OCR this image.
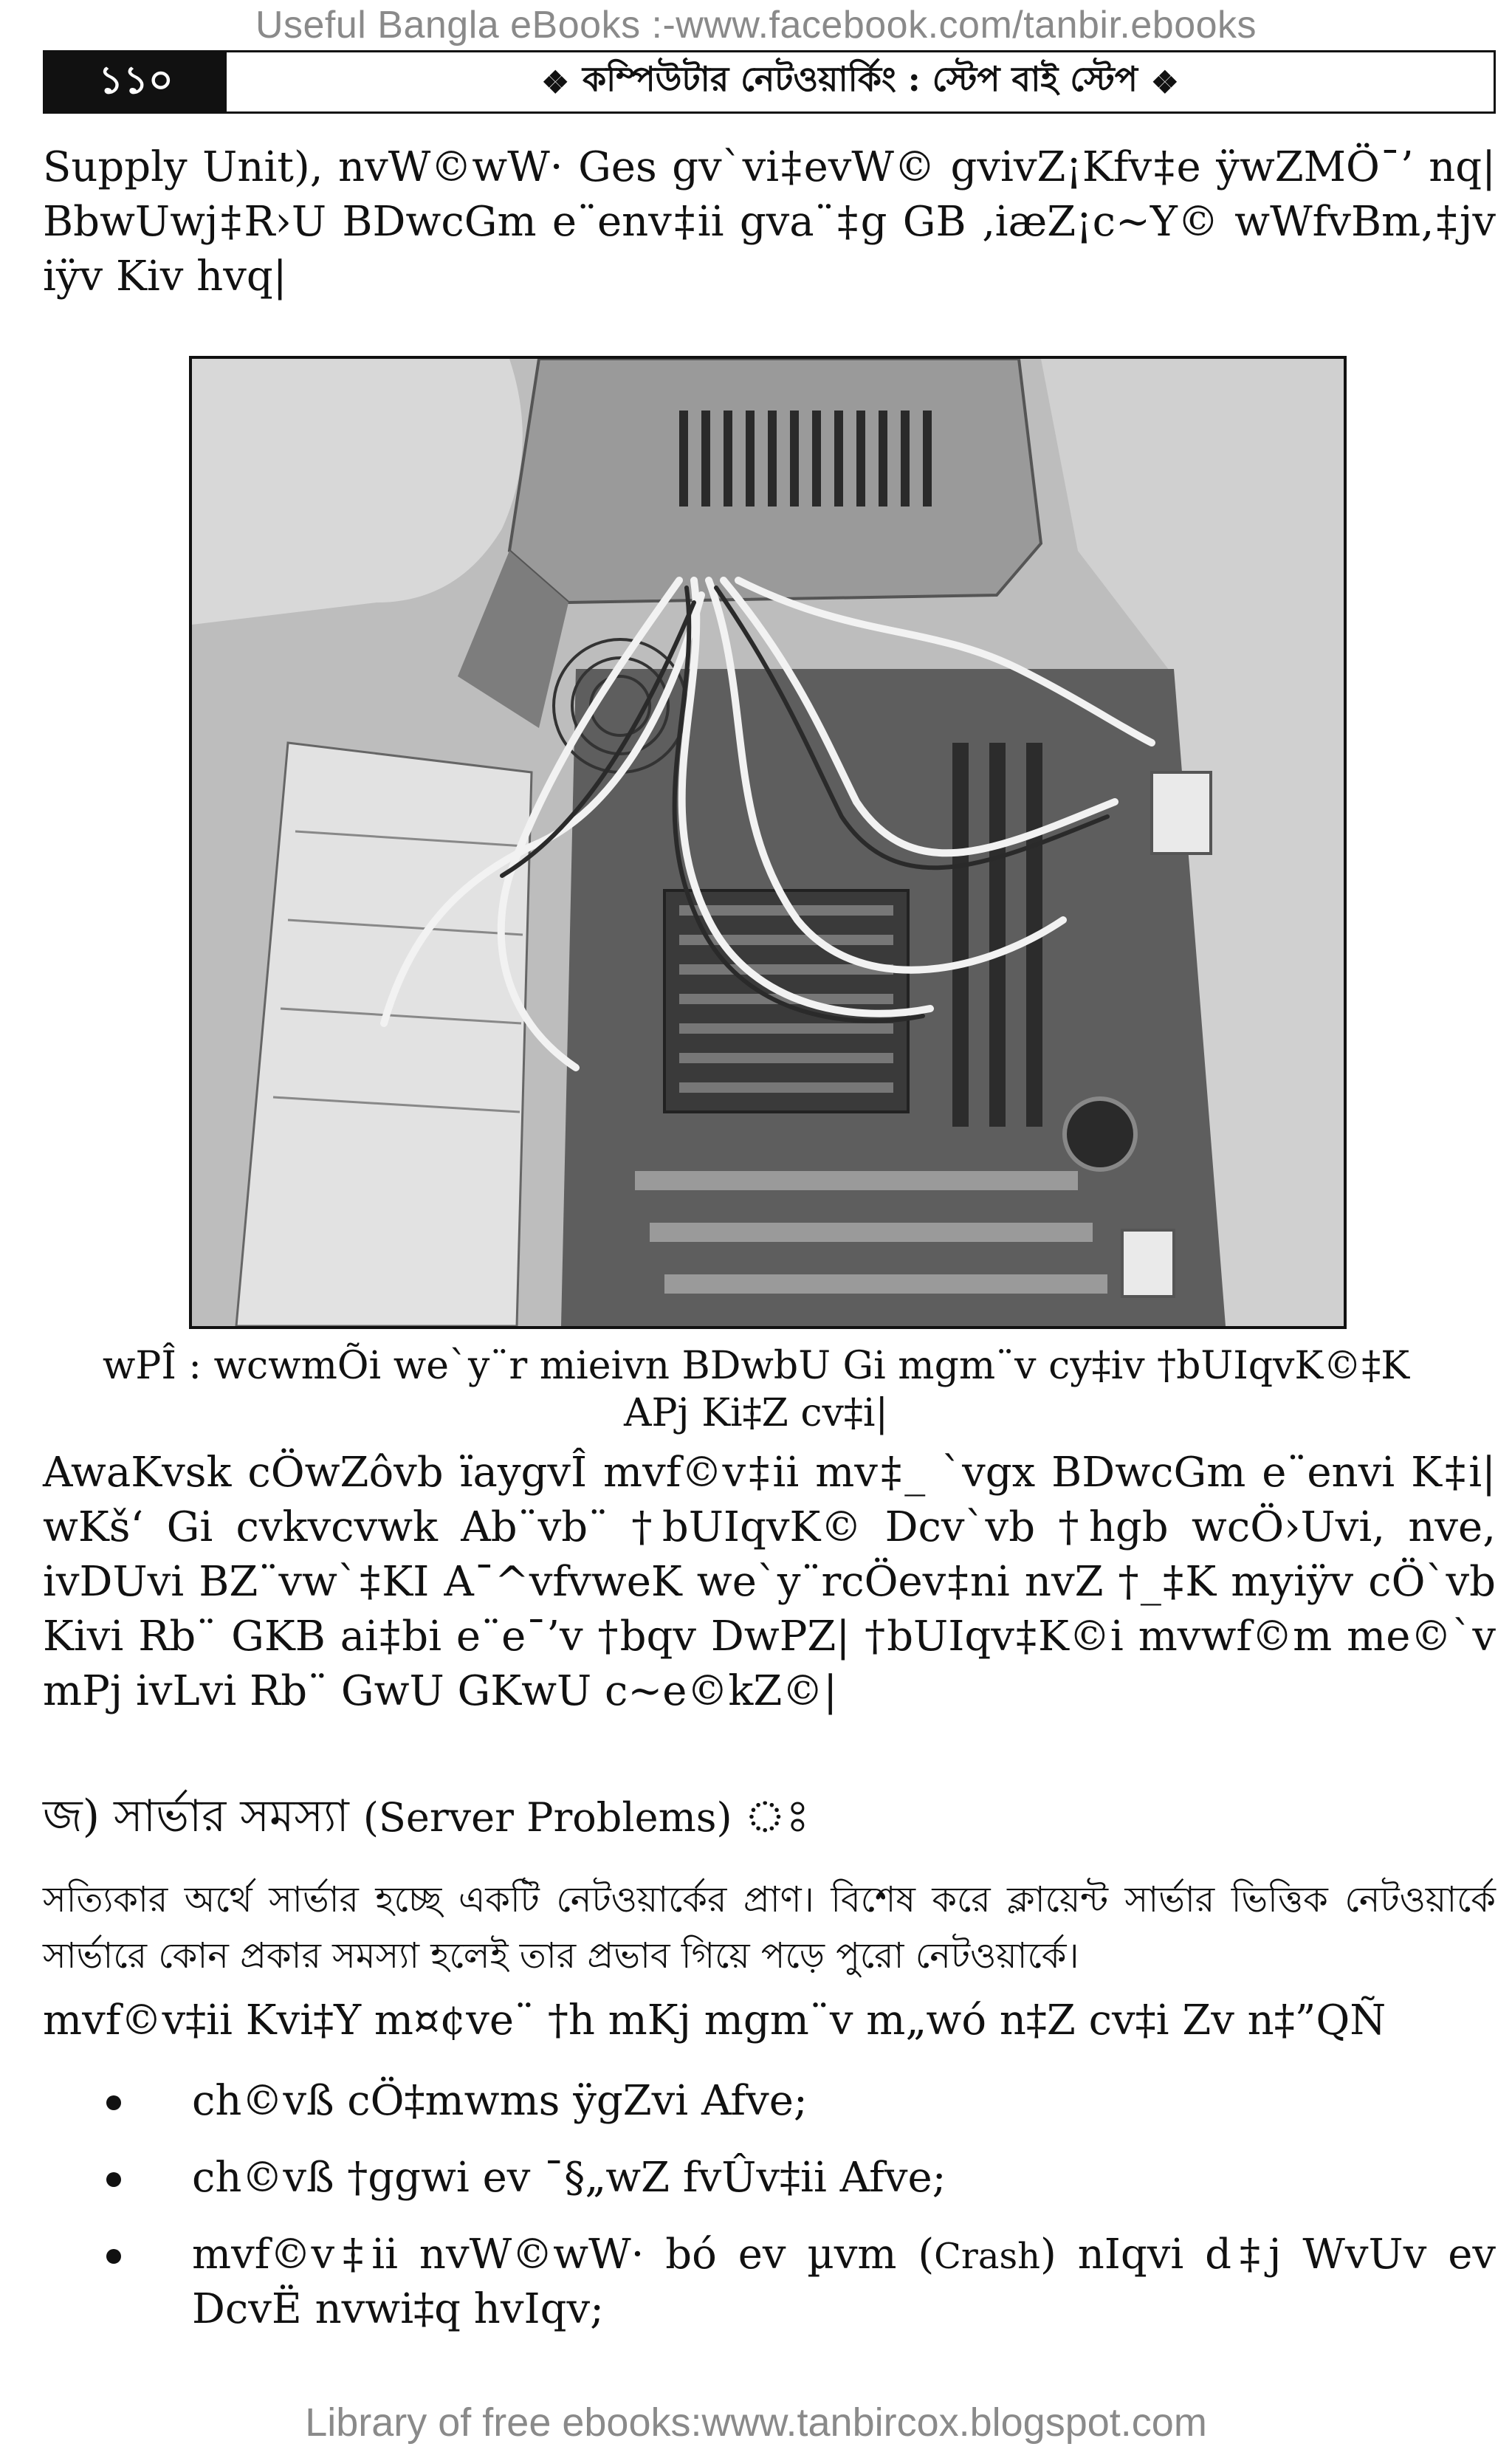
Useful Bangla eBooks :-www.facebook.com/tanbir.ebooks
১১০	❖ কম্পিউটার নেটওয়ার্কিং : স্টেপ বাই স্টেপ ❖

Supply Unit), nvW©wW· Ges gv`vi‡evW© gvivZ¡Kfv‡e ÿwZMÖ¯’ nq| BbwUwj‡R›U BDwcGm e¨env‡ii gva¨‡g GB ‚iæZ¡c~Y© wWfvBm‚‡jv iÿv Kiv hvq|

wPÎ : wcwmÕi we`y¨r mieivn BDwbU Gi mgm¨v cy‡iv †bUIqvK©‡K APj Ki‡Z cv‡i|

AwaKvsk cÖwZôvb ïaygvÎ mvf©v‡ii mv‡_ `vgx BDwcGm e¨envi K‡i| wKš‘ Gi cvkvcvwk Ab¨vb¨ †bUIqvK© Dcv`vb †hgb wcÖ›Uvi, nve, ivDUvi BZ¨vw`‡KI A¯^vfvweK we`y¨rcÖev‡ni nvZ †_‡K myiÿv cÖ`vb Kivi Rb¨ GKB ai‡bi e¨e¯’v †bqv DwPZ| †bUIqv‡K©i mvwf©m me©`v mPj ivLvi Rb¨ GwU GKwU c~e©kZ©|

জ) সার্ভার সমস্যা (Server Problems)

সত্যিকার অর্থে সার্ভার হচ্ছে একটি নেটওয়ার্কের প্রাণ। বিশেষ করে ক্লায়েন্ট সার্ভার ভিত্তিক নেটওয়ার্কে সার্ভারে কোন প্রকার সমস্যা হলেই তার প্রভাব গিয়ে পড়ে পুরো নেটওয়ার্কে।

mvf©v‡ii Kvi‡Y m¤¢ve¨ †h mKj mgm¨v m„wó n‡Z cv‡i Zv n‡”QÑ

ch©vß cÖ‡mwms ÿgZvi Afve;
ch©vß †ggwi ev ¯§„wZ fvÛv‡ii Afve;
mvf©v‡ii nvW©wW· bó ev µvm (Crash) nIqvi d‡j WvUv ev DcvË nvwi‡q hvIqv;
Library of free ebooks:www.tanbircox.blogspot.com
